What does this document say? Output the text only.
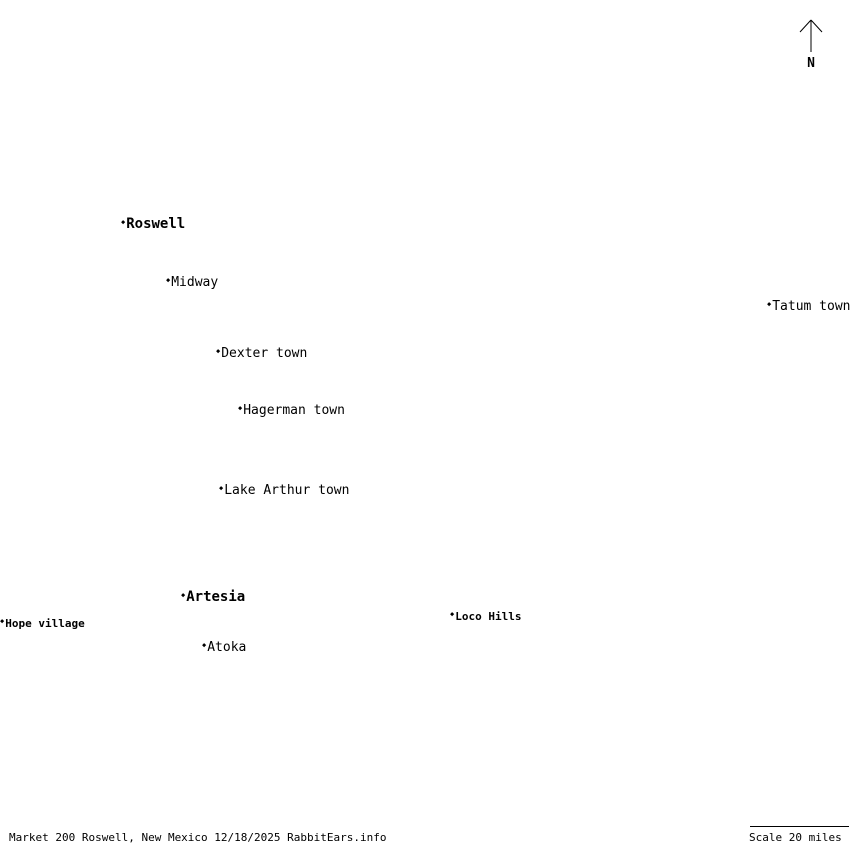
N
◆Roswell
◆Midway
◆Tatum town
◆Dexter town
◆Hagerman town
◆Lake Arthur town
◆Artesia
◆Hope village
◆Loco Hills
◆Atoka
Market 200 Roswell, New Mexico 12/18/2025 RabbitEars.info	Scale 20 miles
